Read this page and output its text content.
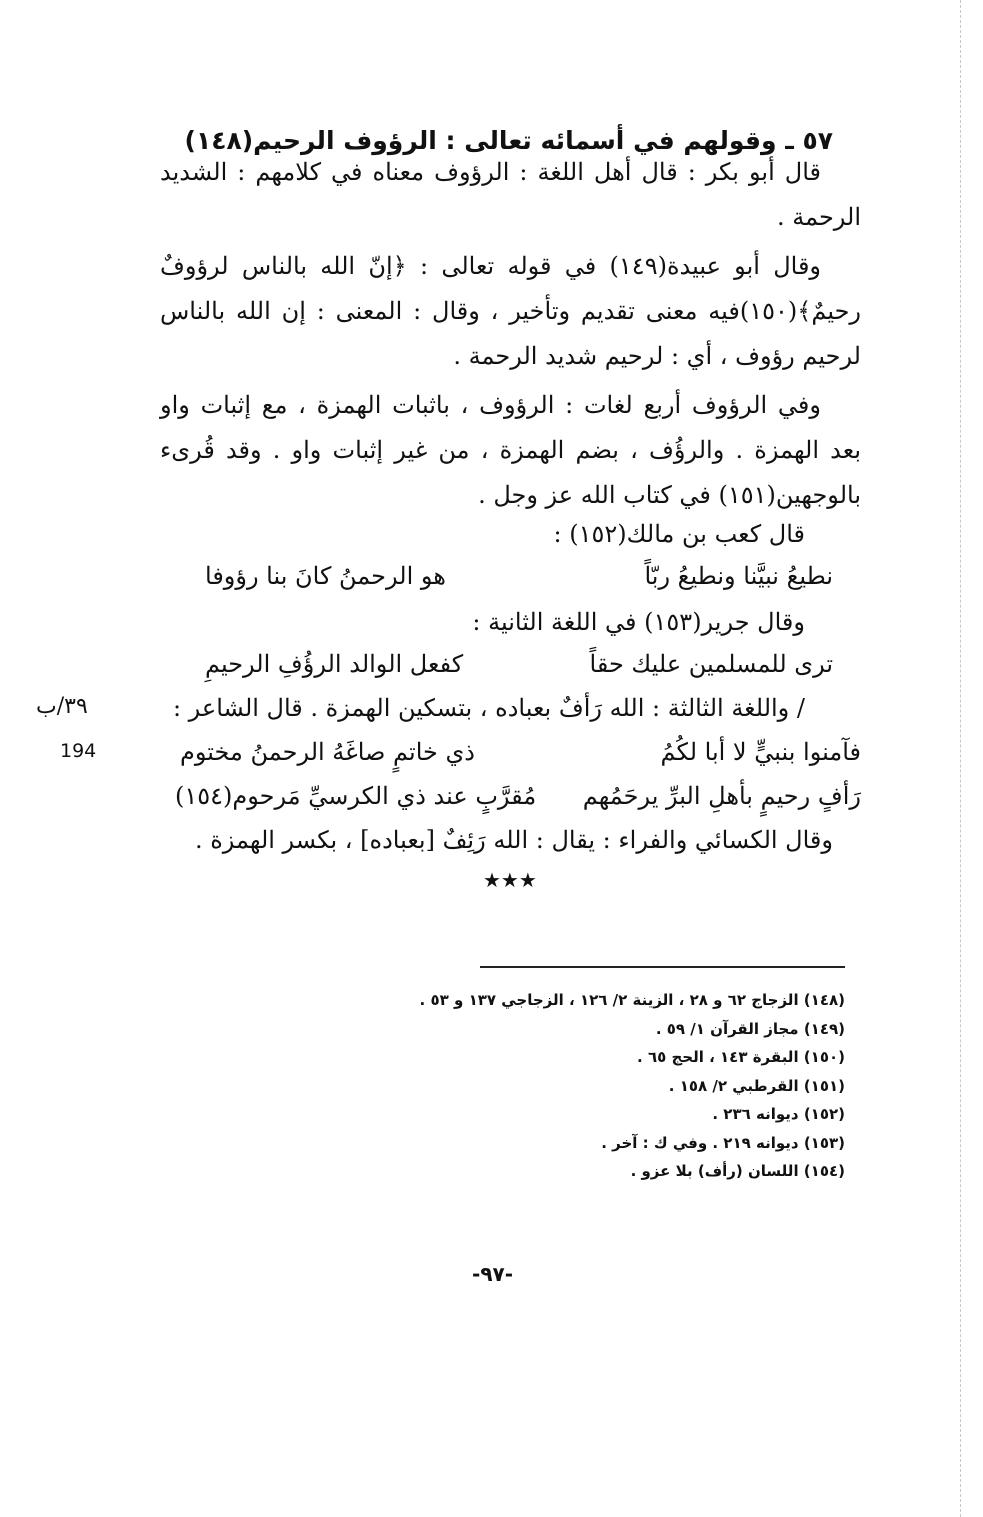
٥٧ ـ وقولهم في أسمائه تعالى : الرؤوف الرحيم(١٤٨)

قال أبو بكر : قال أهل اللغة : الرؤوف معناه في كلامهم : الشديد الرحمة .

وقال أبو عبيدة(١٤٩) في قوله تعالى : ﴿إنّ الله بالناس لرؤوفٌ رحيمٌ﴾(١٥٠)فيه معنى تقديم وتأخير ، وقال : المعنى : إن الله بالناس لرحيم رؤوف ، أي : لرحيم شديد الرحمة .

وفي الرؤوف أربع لغات : الرؤوف ، باثبات الهمزة ، مع إثبات واو بعد الهمزة . والرؤُف ، بضم الهمزة ، من غير إثبات واو . وقد قُرىء بالوجهين(١٥١) في كتاب الله عز وجل .

قال كعب بن مالك(١٥٢) :
نطيعُ نبيَّنا ونطيعُ ربّاً
هو الرحمنُ كانَ بنا رؤوفا
وقال جرير(١٥٣) في اللغة الثانية :
ترى للمسلمين عليك حقاً
كفعل الوالد الرؤُفِ الرحيمِ
/ واللغة الثالثة : الله رَأفٌ بعباده ، بتسكين الهمزة . قال الشاعر :
٣٩/ب
194	فآمنوا بنبيٍّ لا أبا لكُمُ
ذي خاتمٍ صاغَهُ الرحمنُ مختوم
رَأفٍ رحيمٍ بأهلِ البرِّ يرحَمُهم
مُقرَّبٍ عند ذي الكرسيِّ مَرحوم(١٥٤)
وقال الكسائي والفراء : يقال : الله رَئِفٌ [بعباده] ، بكسر الهمزة .
★★★
(١٤٨) الزجاج ٦٢ و ٢٨ ، الزينة ٢/ ١٢٦ ، الزجاجي ١٣٧ و ٥٣ .
(١٤٩) مجاز القرآن ١/ ٥٩ .
(١٥٠) البقرة ١٤٣ ، الحج ٦٥ .
(١٥١) القرطبي ٢/ ١٥٨ .
(١٥٢) ديوانه ٢٣٦ .
(١٥٣) ديوانه ٢١٩ . وفي ك : آخر .
(١٥٤) اللسان (رأف) بلا عزو .
-٩٧-
